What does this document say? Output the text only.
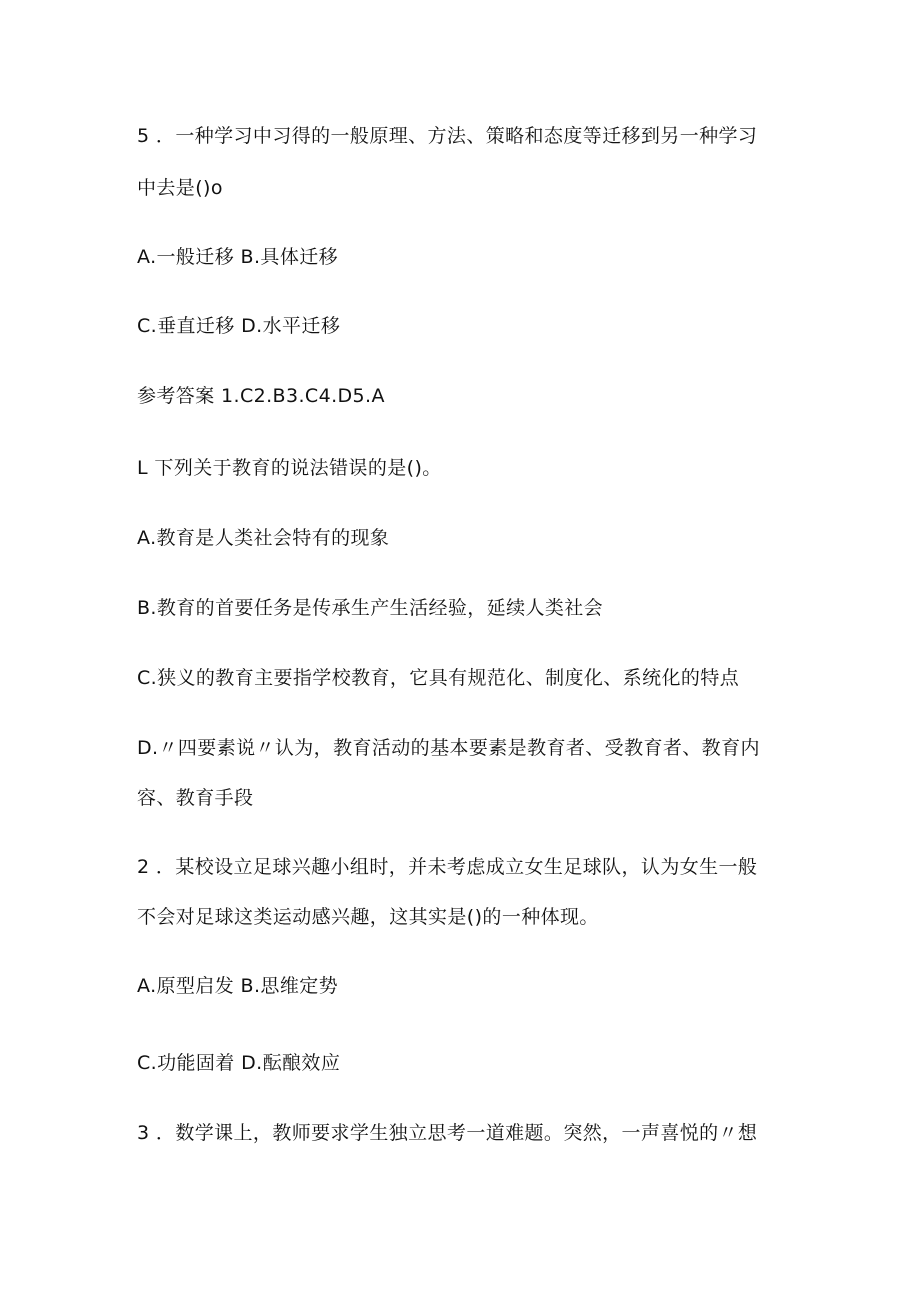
5 ．一种学习中习得的一般原理、方法、策略和态度等迁移到另一种学习
中去是()o
A.一般迁移 B.具体迁移
C.垂直迁移 D.水平迁移
参考答案 1.C2.B3.C4.D5.A
L 下列关于教育的说法错误的是()。
A.教育是人类社会特有的现象
B.教育的首要任务是传承生产生活经验，延续人类社会
C.狭义的教育主要指学校教育，它具有规范化、制度化、系统化的特点
D.〃四要素说〃认为，教育活动的基本要素是教育者、受教育者、教育内
容、教育手段
2 ．某校设立足球兴趣小组时，并未考虑成立女生足球队，认为女生一般
不会对足球这类运动感兴趣，这其实是()的一种体现。
A.原型启发 B.思维定势
C.功能固着 D.酝酿效应
3 ．数学课上，教师要求学生独立思考一道难题。突然，一声喜悦的〃想
